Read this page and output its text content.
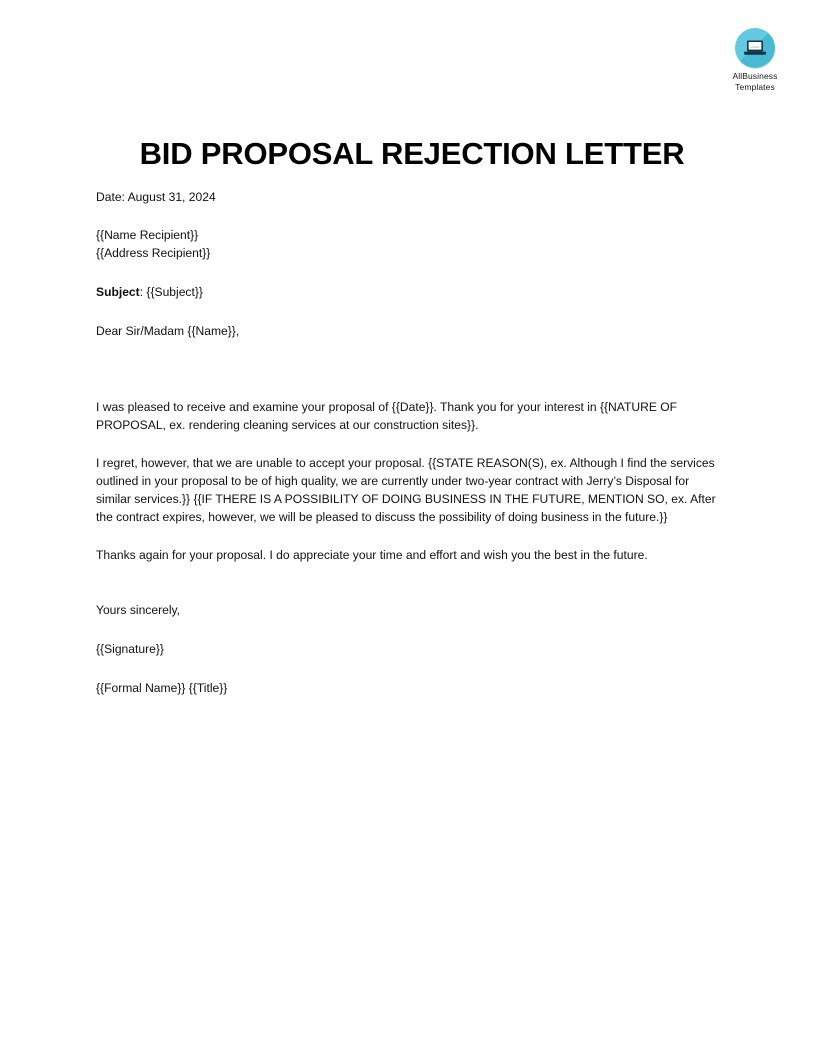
AllBusiness
Templates
BID PROPOSAL REJECTION LETTER

Date: August 31, 2024

{{Name Recipient}}

{{Address Recipient}}

Subject: {{Subject}}

Dear Sir/Madam {{Name}},

I was pleased to receive and examine your proposal of {{Date}}. Thank you for your interest in {{NATURE OF PROPOSAL, ex. rendering cleaning services at our construction sites}}.

I regret, however, that we are unable to accept your proposal. {{STATE REASON(S), ex. Although I find the services outlined in your proposal to be of high quality, we are currently under two-year contract with Jerry’s Disposal for similar services.}} {{IF THERE IS A POSSIBILITY OF DOING BUSINESS IN THE FUTURE, MENTION SO, ex. After the contract expires, however, we will be pleased to discuss the possibility of doing business in the future.}}

Thanks again for your proposal. I do appreciate your time and effort and wish you the best in the future.

Yours sincerely,

{{Signature}}

{{Formal Name}} {{Title}}
